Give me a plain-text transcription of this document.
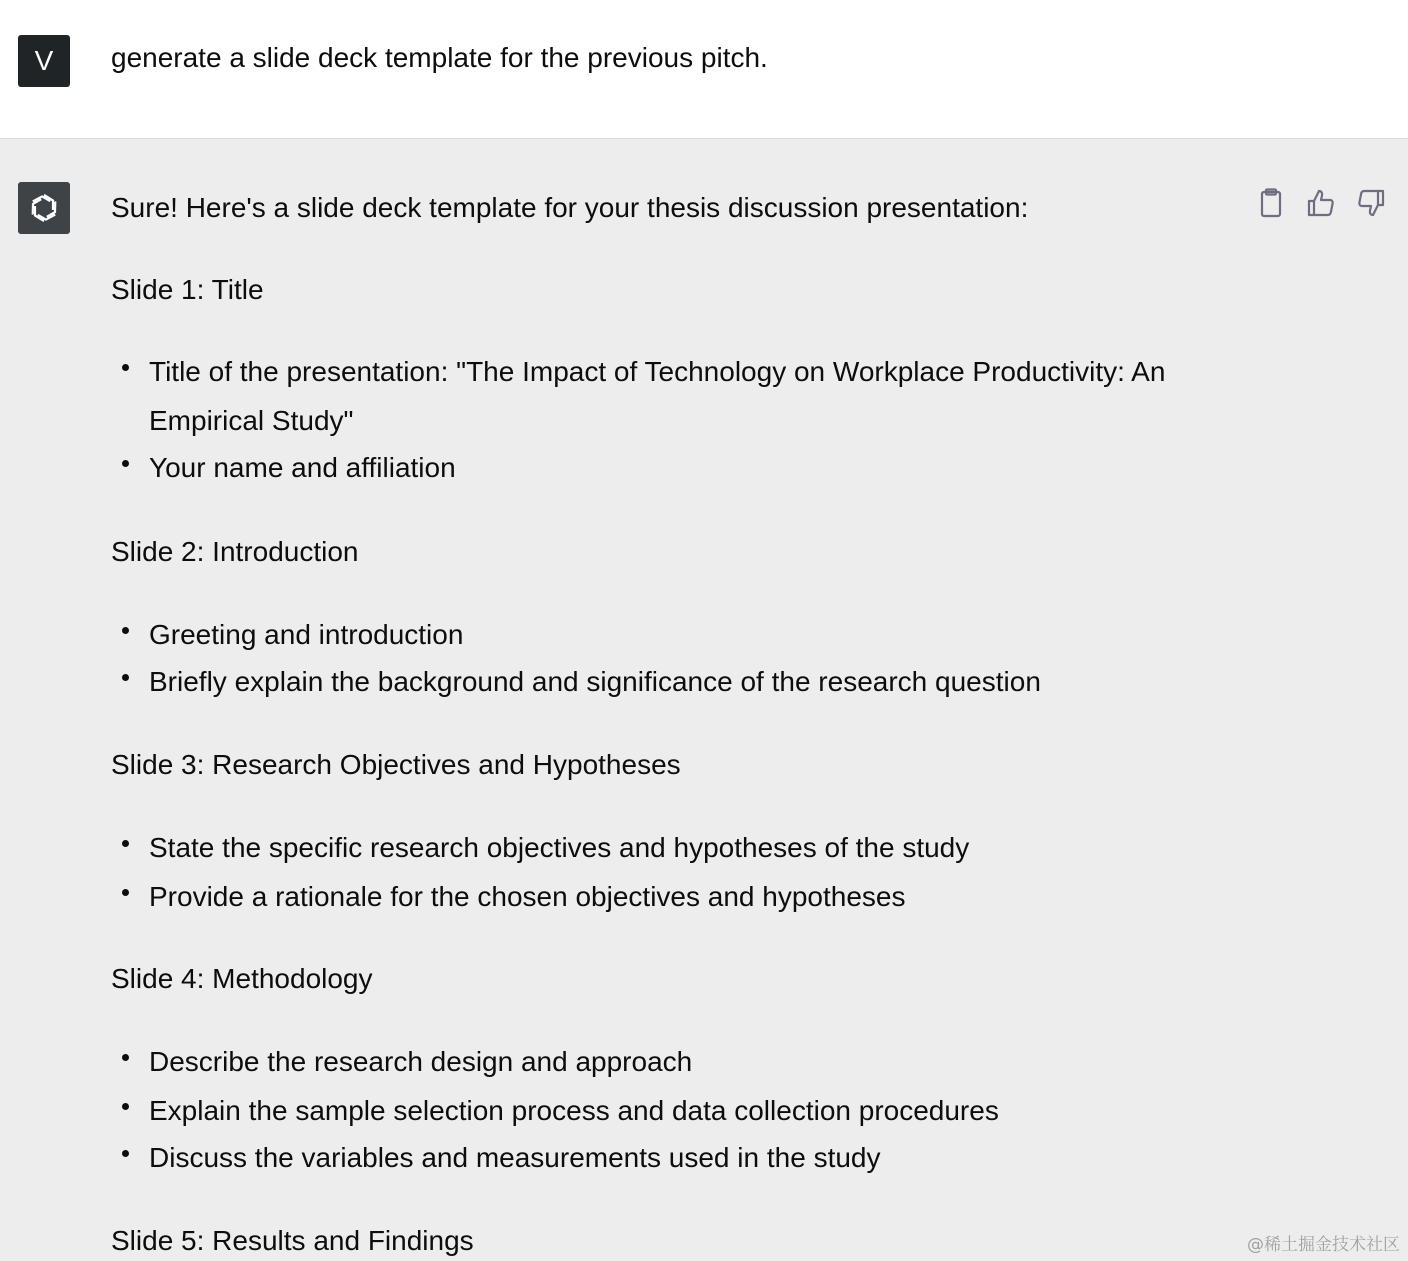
V	generate a slide deck template for the previous pitch.
Sure! Here's a slide deck template for your thesis discussion presentation:
Slide 1: Title
Title of the presentation: "The Impact of Technology on Workplace Productivity: An
Empirical Study"
Your name and affiliation
Slide 2: Introduction
Greeting and introduction
Briefly explain the background and significance of the research question
Slide 3: Research Objectives and Hypotheses
State the specific research objectives and hypotheses of the study
Provide a rationale for the chosen objectives and hypotheses
Slide 4: Methodology
Describe the research design and approach
Explain the sample selection process and data collection procedures
Discuss the variables and measurements used in the study
Slide 5: Results and Findings	@稀土掘金技术社区
